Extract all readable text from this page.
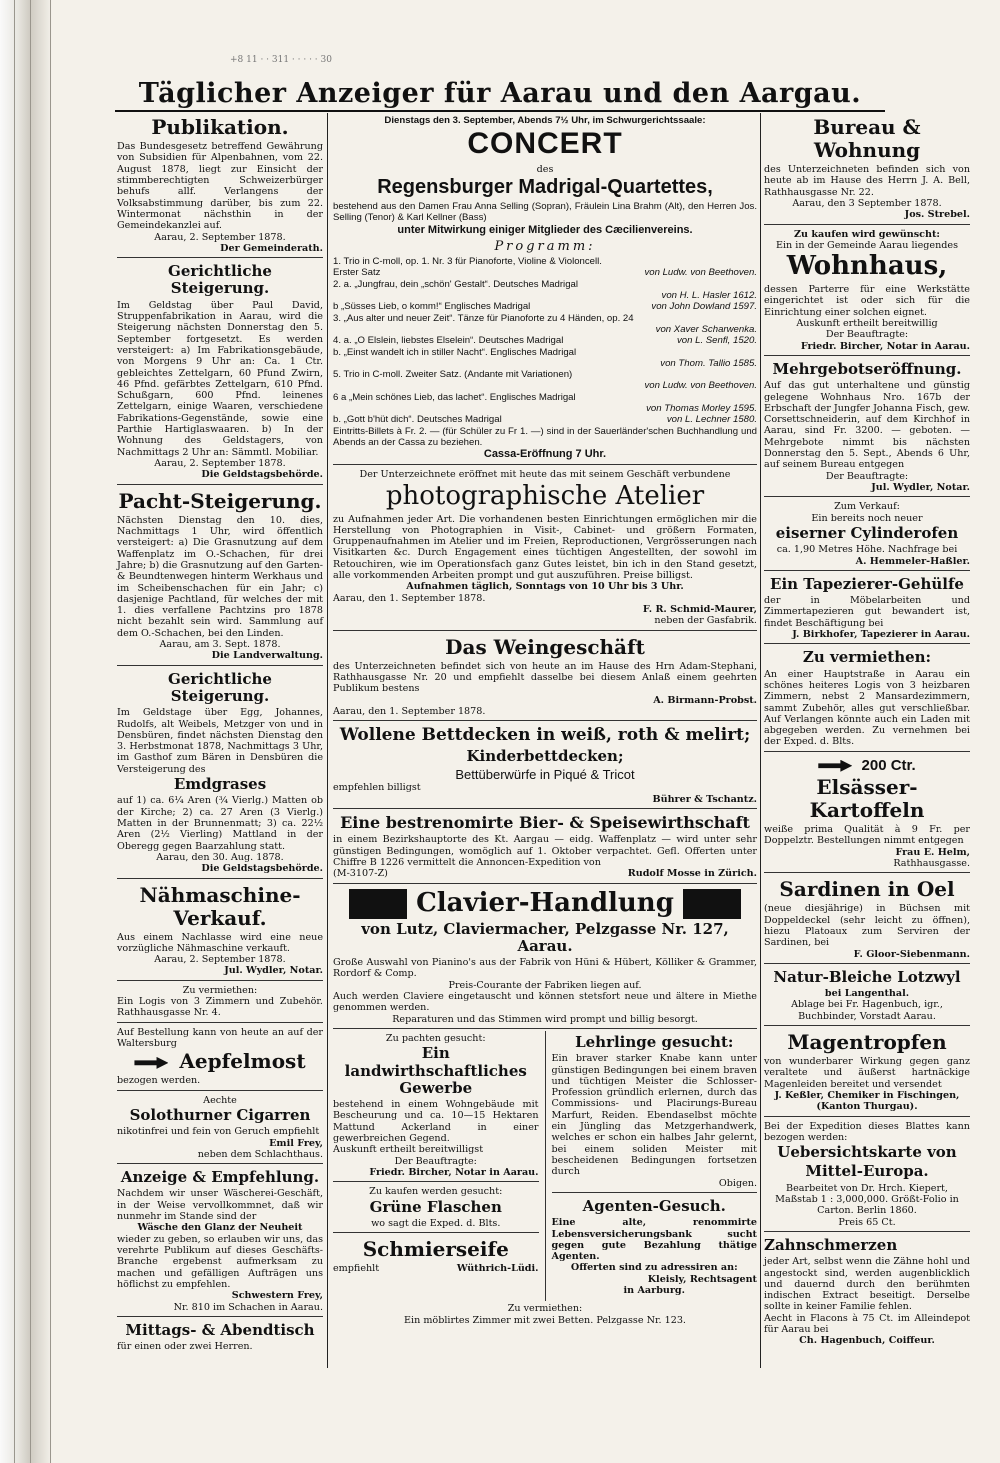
+8 11 · · 311 · · · · · 30
Täglicher Anzeiger für Aarau und den Aargau.
Publikation.

Das Bundesgesetz betreffend Gewährung von Subsidien für Alpenbahnen, vom 22. August 1878, liegt zur Einsicht der stimmberechtigten Schweizerbürger behufs allf. Verlangens der Volksabstimmung darüber, bis zum 22. Wintermonat nächsthin in der Gemeindekanzlei auf.

Aarau, 2. September 1878.

Der Gemeinderath.

Gerichtliche Steigerung.

Im Geldstag über Paul David, Struppenfabrikation in Aarau, wird die Steigerung nächsten Donnerstag den 5. September fortgesetzt. Es werden versteigert: a) Im Fabrikationsgebäude, von Morgens 9 Uhr an: Ca. 1 Ctr. gebleichtes Zettelgarn, 60 Pfund Zwirn, 46 Pfnd. gefärbtes Zettelgarn, 610 Pfnd. Schußgarn, 600 Pfnd. leinenes Zettelgarn, einige Waaren, verschiedene Fabrikations-Gegenstände, sowie eine Parthie Hartiglaswaaren. b) In der Wohnung des Geldstagers, von Nachmittags 2 Uhr an: Sämmtl. Mobiliar.

Aarau, 2. September 1878.

Die Geldstagsbehörde.

Pacht-Steigerung.

Nächsten Dienstag den 10. dies, Nachmittags 1 Uhr, wird öffentlich versteigert: a) Die Grasnutzung auf dem Waffenplatz im O.-Schachen, für drei Jahre; b) die Grasnutzung auf den Garten- & Beundtenwegen hinterm Werkhaus und im Scheibenschachen für ein Jahr; c) dasjenige Pachtland, für welches der mit 1. dies verfallene Pachtzins pro 1878 nicht bezahlt sein wird. Sammlung auf dem O.-Schachen, bei den Linden.

Aarau, am 3. Sept. 1878.

Die Landverwaltung.

Gerichtliche Steigerung.

Im Geldstage über Egg, Johannes, Rudolfs, alt Weibels, Metzger von und in Densbüren, findet nächsten Dienstag den 3. Herbstmonat 1878, Nachmittags 3 Uhr, im Gasthof zum Bären in Densbüren die Versteigerung des

Emdgrases

auf 1) ca. 6¼ Aren (¾ Vierlg.) Matten ob der Kirche; 2) ca. 27 Aren (3 Vierlg.) Matten in der Brunnenmatt; 3) ca. 22½ Aren (2½ Vierling) Mattland in der Oberegg gegen Baarzahlung statt.

Aarau, den 30. Aug. 1878.

Die Geldstagsbehörde.

Nähmaschine-Verkauf.

Aus einem Nachlasse wird eine neue vorzügliche Nähmaschine verkauft.

Aarau, 2. September 1878.

Jul. Wydler, Notar.

Zu vermiethen:

Ein Logis von 3 Zimmern und Zubehör. Rathhausgasse Nr. 4.

Auf Bestellung kann von heute an auf der Waltersburg

Aepfelmost

bezogen werden.

Aechte

Solothurner Cigarren

nikotinfrei und fein von Geruch empfiehlt

Emil Frey,

neben dem Schlachthaus.

Anzeige & Empfehlung.

Nachdem wir unser Wäscherei-Geschäft, in der Weise vervollkommnet, daß wir nunmehr im Stande sind der

Wäsche den Glanz der Neuheit

wieder zu geben, so erlauben wir uns, das verehrte Publikum auf dieses Geschäfts-Branche ergebenst aufmerksam zu machen und gefälligen Aufträgen uns höflichst zu empfehlen.

Schwestern Frey,

Nr. 810 im Schachen in Aarau.

Mittags- & Abendtisch

für einen oder zwei Herren.

Dienstags den 3. September, Abends 7½ Uhr, im Schwurgerichtssaale:

CONCERT

des

Regensburger Madrigal-Quartettes,

bestehend aus den Damen Frau Anna Selling (Sopran), Fräulein Lina Brahm (Alt), den Herren Jos. Selling (Tenor) & Karl Kellner (Bass)

unter Mitwirkung einiger Mitglieder des Cæcilienvereins.

Programm:

1. Trio in C-moll, op. 1. Nr. 3 für Pianoforte, Violine & Violoncell.
Erster Satz	von Ludw. von Beethoven.
2. a. „Jungfrau, dein „schön' Gestalt“. Deutsches Madrigal
von H. L. Hasler 1612.
b „Süsses Lieb, o komm!“ Englisches Madrigal	von John Dowland 1597.
3. „Aus alter und neuer Zeit“. Tänze für Pianoforte zu 4 Händen, op. 24
von Xaver Scharwenka.
4. a. „O Elslein, liebstes Elselein“. Deutsches Madrigal	von L. Senfl, 1520.
b. „Einst wandelt ich in stiller Nacht“. Englisches Madrigal
von Thom. Tallio 1585.
5. Trio in C-moll. Zweiter Satz. (Andante mit Variationen)
von Ludw. von Beethoven.
6 a „Mein schönes Lieb, das lachet“. Englisches Madrigal
von Thomas Morley 1595.
b. „Gott b'hüt dich“. Deutsches Madrigal	von L. Lechner 1580.

Eintritts-Billets à Fr. 2. — (für Schüler zu Fr 1. —) sind in der Sauerländer'schen Buchhandlung und Abends an der Cassa zu beziehen.

Cassa-Eröffnung 7 Uhr.

Der Unterzeichnete eröffnet mit heute das mit seinem Geschäft verbundene

photographische Atelier

zu Aufnahmen jeder Art. Die vorhandenen besten Einrichtungen ermöglichen mir die Herstellung von Photographien in Visit-, Cabinet- und größern Formaten, Gruppenaufnahmen im Atelier und im Freien, Reproductionen, Vergrösserungen nach Visitkarten &c. Durch Engagement eines tüchtigen Angestellten, der sowohl im Retouchiren, wie im Operationsfach ganz Gutes leistet, bin ich in den Stand gesetzt, alle vorkommenden Arbeiten prompt und gut auszuführen. Preise billigst.

Aufnahmen täglich, Sonntags von 10 Uhr bis 3 Uhr.

Aarau, den 1. September 1878.

F. R. Schmid-Maurer,

neben der Gasfabrik.

Das Weingeschäft

des Unterzeichneten befindet sich von heute an im Hause des Hrn Adam-Stephani, Rathhausgasse Nr. 20 und empfiehlt dasselbe bei diesem Anlaß einem geehrten Publikum bestens

A. Birmann-Probst.

Aarau, den 1. September 1878.

Wollene Bettdecken in weiß, roth & melirt;
Kinderbettdecken;

Bettüberwürfe in Piqué & Tricot

empfehlen billigst

Bührer & Tschantz.

Eine bestrenomirte Bier- & Speisewirthschaft

in einem Bezirkshauptorte des Kt. Aargau — eidg. Waffenplatz — wird unter sehr günstigen Bedingungen, womöglich auf 1. Oktober verpachtet. Gefl. Offerten unter Chiffre B 1226 vermittelt die Annoncen-Expedition von

(M-3107-Z)	Rudolf Mosse in Zürich.
Clavier-Handlung
von Lutz, Claviermacher, Pelzgasse Nr. 127, Aarau.

Große Auswahl von Pianino's aus der Fabrik von Hüni & Hübert, Kölliker & Grammer, Rordorf & Comp.

Preis-Courante der Fabriken liegen auf.

Auch werden Claviere eingetauscht und können stetsfort neue und ältere in Miethe genommen werden.

Reparaturen und das Stimmen wird prompt und billig besorgt.

Zu pachten gesucht:

Ein landwirthschaftliches Gewerbe

bestehend in einem Wohngebäude mit Bescheurung und ca. 10—15 Hektaren Mattund Ackerland in einer gewerbreichen Gegend.

Auskunft ertheilt bereitwilligst

Der Beauftragte:

Friedr. Bircher, Notar in Aarau.

Zu kaufen werden gesucht:

Grüne Flaschen

wo sagt die Exped. d. Blts.

Schmierseife
empfiehlt	Wüthrich-Lüdi.
Lehrlinge gesucht:

Ein braver starker Knabe kann unter günstigen Bedingungen bei einem braven und tüchtigen Meister die Schlosser-Profession gründlich erlernen, durch das Commissions- und Placirungs-Bureau Marfurt, Reiden. Ebendaselbst möchte ein Jüngling das Metzgerhandwerk, welches er schon ein halbes Jahr gelernt, bei einem soliden Meister mit bescheidenen Bedingungen fortsetzen durch

Obigen.

Agenten-Gesuch.

Eine alte, renommirte Lebensversicherungsbank sucht gegen gute Bezahlung thätige Agenten.

Offerten sind zu adressiren an:

Kleisly, Rechtsagent

in Aarburg.

Zu vermiethen:

Ein möblirtes Zimmer mit zwei Betten. Pelzgasse Nr. 123.

Bureau & Wohnung

des Unterzeichneten befinden sich von heute ab im Hause des Herrn J. A. Bell, Rathhausgasse Nr. 22.

Aarau, den 3 September 1878.

Jos. Strebel.

Zu kaufen wird gewünscht:

Ein in der Gemeinde Aarau liegendes

Wohnhaus,

dessen Parterre für eine Werkstätte eingerichtet ist oder sich für die Einrichtung einer solchen eignet.

Auskunft ertheilt bereitwillig

Der Beauftragte:

Friedr. Bircher, Notar in Aarau.

Mehrgebotseröffnung.

Auf das gut unterhaltene und günstig gelegene Wohnhaus Nro. 167b der Erbschaft der Jungfer Johanna Fisch, gew. Corsettschneiderin, auf dem Kirchhof in Aarau, sind Fr. 3200. — geboten. — Mehrgebote nimmt bis nächsten Donnerstag den 5. Sept., Abends 6 Uhr, auf seinem Bureau entgegen

Der Beauftragte:

Jul. Wydler, Notar.

Zum Verkauf:

Ein bereits noch neuer

eiserner Cylinderofen

ca. 1,90 Metres Höhe. Nachfrage bei

A. Hemmeler-Haßler.

Ein Tapezierer-Gehülfe

der in Möbelarbeiten und Zimmertapezieren gut bewandert ist, findet Beschäftigung bei

J. Birkhofer, Tapezierer in Aarau.

Zu vermiethen:

An einer Hauptstraße in Aarau ein schönes heiteres Logis von 3 heizbaren Zimmern, nebst 2 Mansardezimmern, sammt Zubehör, alles gut verschließbar. Auf Verlangen könnte auch ein Laden mit abgegeben werden. Zu vernehmen bei der Exped. d. Blts.

200 Ctr.
Elsässer-Kartoffeln

weiße prima Qualität à 9 Fr. per Doppelztr. Bestellungen nimmt entgegen

Frau E. Helm,

Rathhausgasse.

Sardinen in Oel

(neue diesjährige) in Büchsen mit Doppeldeckel (sehr leicht zu öffnen), hiezu Platoaux zum Serviren der Sardinen, bei

F. Gloor-Siebenmann.

Natur-Bleiche Lotzwyl

bei Langenthal.

Ablage bei Fr. Hagenbuch, igr., Buchbinder, Vorstadt Aarau.

Magentropfen

von wunderbarer Wirkung gegen ganz veraltete und äußerst hartnäckige Magenleiden bereitet und versendet

J. Keßler, Chemiker in Fischingen, (Kanton Thurgau).

Bei der Expedition dieses Blattes kann bezogen werden:

Uebersichtskarte von
Mittel-Europa.

Bearbeitet von Dr. Hrch. Kiepert, Maßstab 1 : 3,000,000. Größt-Folio in Carton. Berlin 1860.

Preis 65 Ct.

Zahnschmerzen

jeder Art, selbst wenn die Zähne hohl und angestockt sind, werden augenblicklich und dauernd durch den berühmten indischen Extract beseitigt. Derselbe sollte in keiner Familie fehlen.

Aecht in Flacons à 75 Ct. im Alleindepot für Aarau bei

Ch. Hagenbuch, Coiffeur.
